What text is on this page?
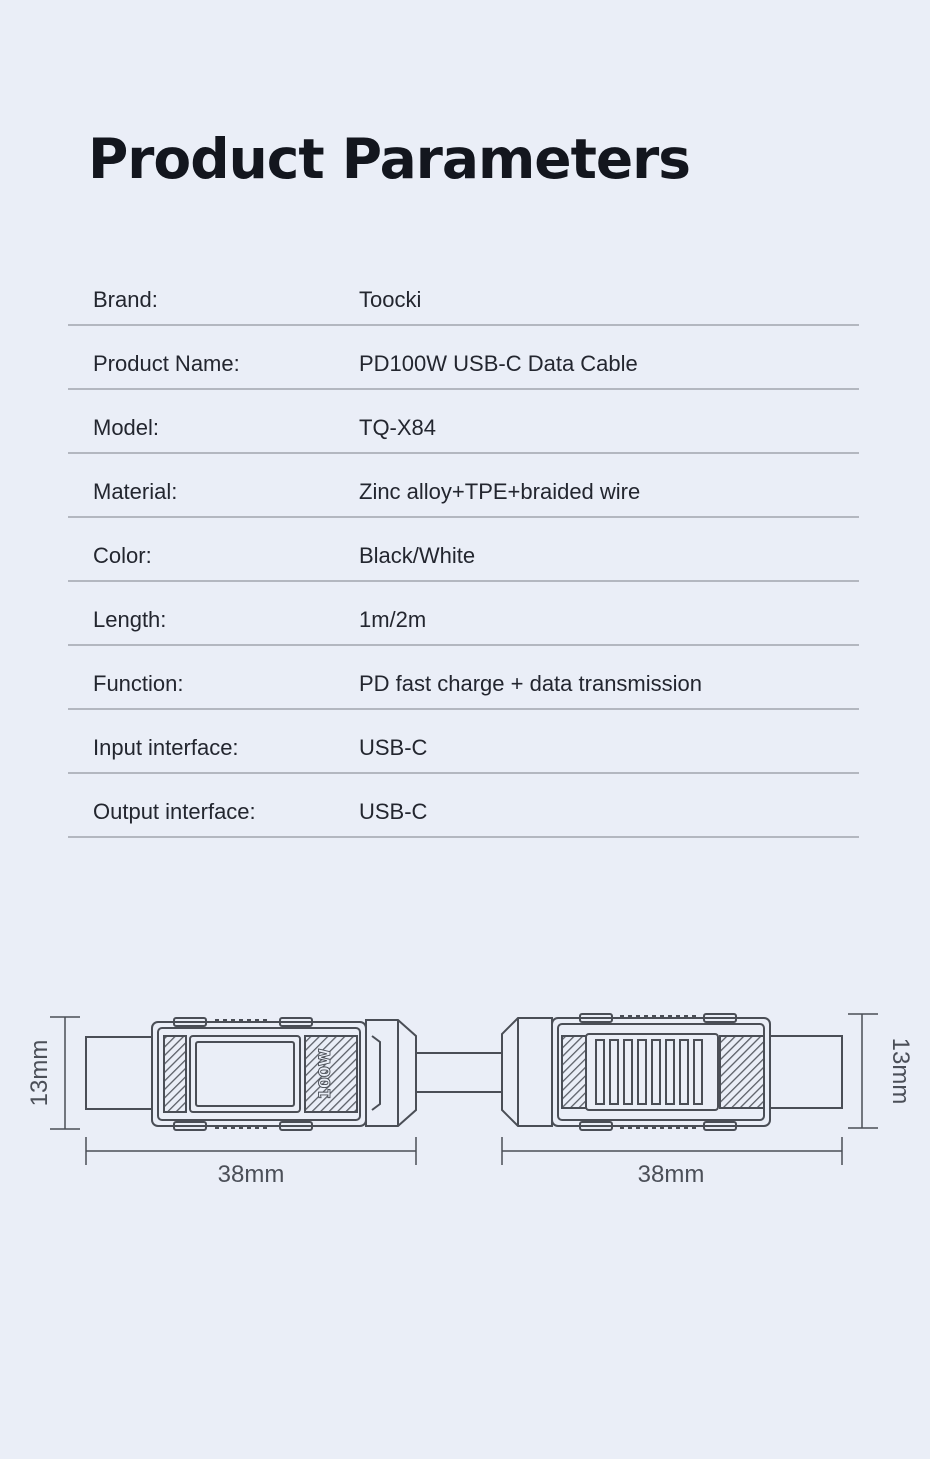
Product Parameters
Brand:	Toocki
Product Name:	PD100W USB-C Data Cable
Model:	TQ-X84
Material:	Zinc alloy+TPE+braided wire
Color:	Black/White
Length:	1m/2m
Function:	PD fast charge + data transmission
Input interface:	USB-C
Output interface:	USB-C
13mm	13mm
100W
38mm	38mm
